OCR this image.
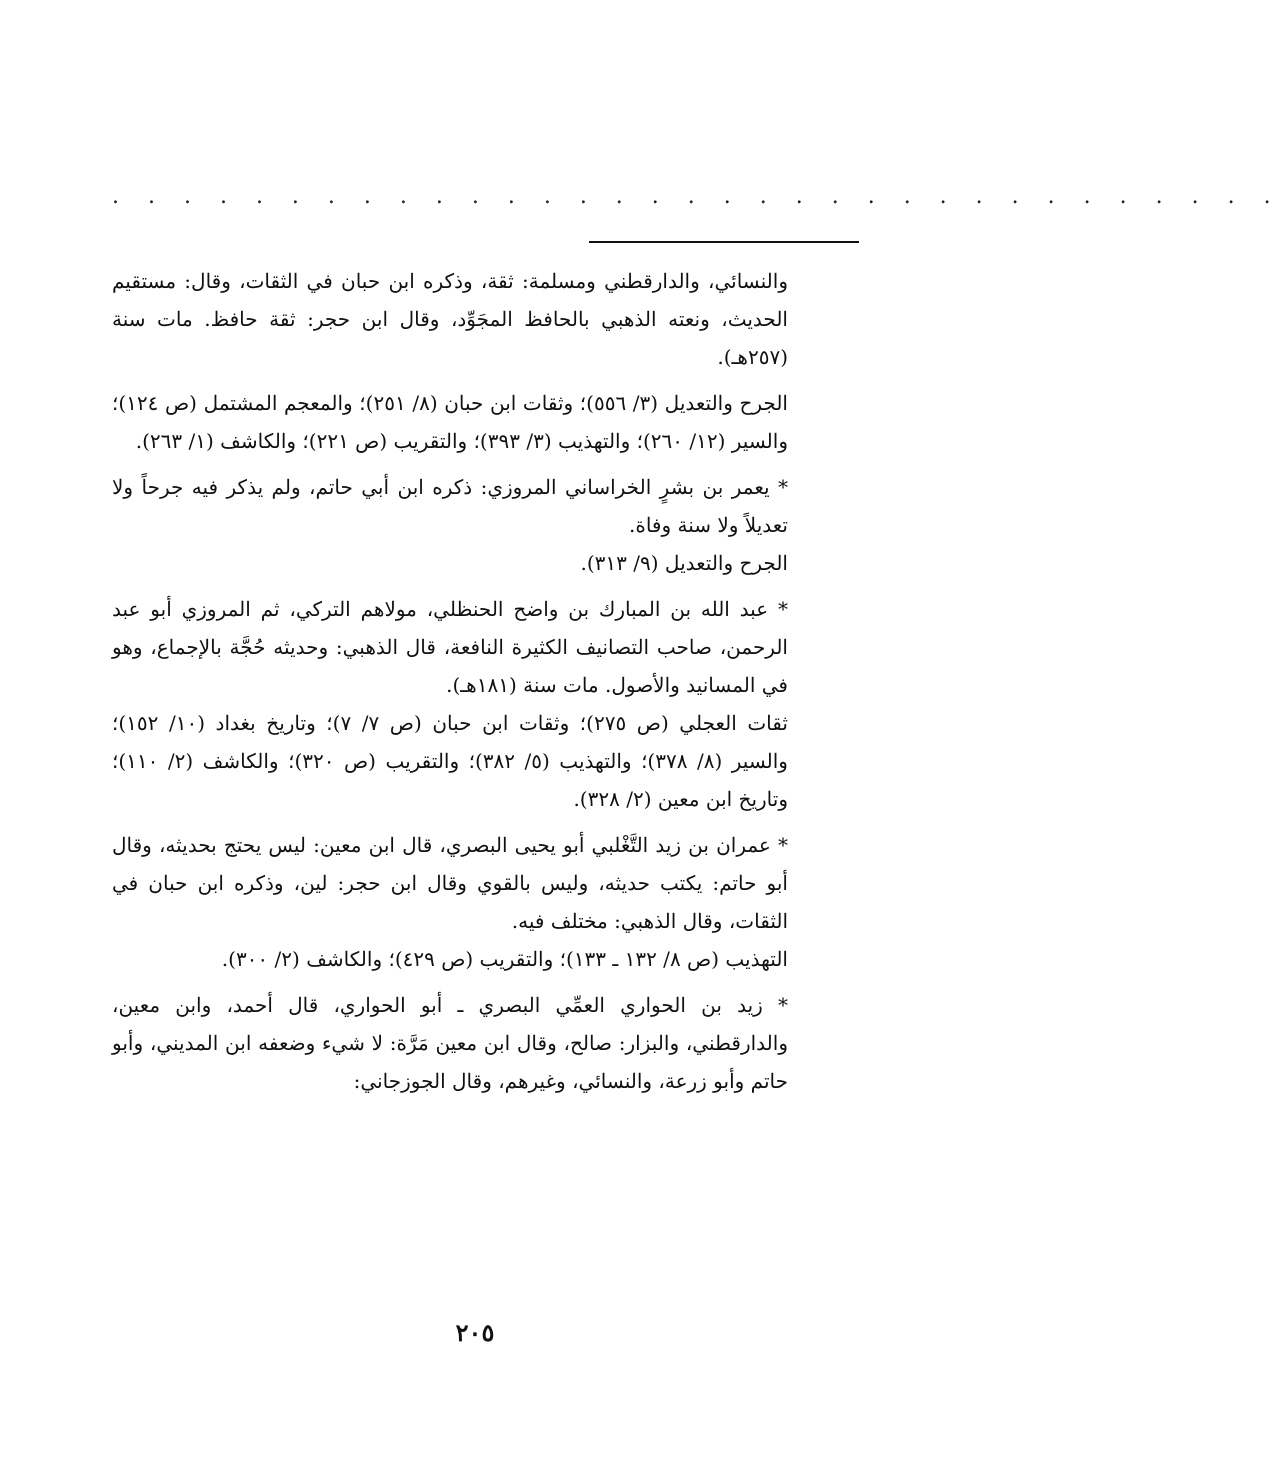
. . . . . . . . . . . . . . . . . . . . . . . . . . . . . . . . .

والنسائي، والدارقطني ومسلمة: ثقة، وذكره ابن حبان في الثقات، وقال: مستقيم الحديث، ونعته الذهبي بالحافظ المجَوِّد، وقال ابن حجر: ثقة حافظ. مات سنة (٢٥٧هـ).

الجرح والتعديل (٣/ ٥٥٦)؛ وثقات ابن حبان (٨/ ٢٥١)؛ والمعجم المشتمل (ص ١٢٤)؛ والسير (١٢/ ٢٦٠)؛ والتهذيب (٣/ ٣٩٣)؛ والتقريب (ص ٢٢١)؛ والكاشف (١/ ٢٦٣).

* يعمر بن بشرٍ الخراساني المروزي: ذكره ابن أبي حاتم، ولم يذكر فيه جرحاً ولا تعديلاً ولا سنة وفاة.

الجرح والتعديل (٩/ ٣١٣).

* عبد الله بن المبارك بن واضح الحنظلي، مولاهم التركي، ثم المروزي أبو عبد الرحمن، صاحب التصانيف الكثيرة النافعة، قال الذهبي: وحديثه حُجَّة بالإجماع، وهو في المسانيد والأصول. مات سنة (١٨١هـ).

ثقات العجلي (ص ٢٧٥)؛ وثقات ابن حبان (ص ٧/ ٧)؛ وتاريخ بغداد (١٠/ ١٥٢)؛ والسير (٨/ ٣٧٨)؛ والتهذيب (٥/ ٣٨٢)؛ والتقريب (ص ٣٢٠)؛ والكاشف (٢/ ١١٠)؛ وتاريخ ابن معين (٢/ ٣٢٨).

* عمران بن زيد التَّغْلبي أبو يحيى البصري، قال ابن معين: ليس يحتج بحديثه، وقال أبو حاتم: يكتب حديثه، وليس بالقوي وقال ابن حجر: لين، وذكره ابن حبان في الثقات، وقال الذهبي: مختلف فيه.

التهذيب (ص ٨/ ١٣٢ ـ ١٣٣)؛ والتقريب (ص ٤٢٩)؛ والكاشف (٢/ ٣٠٠).

* زيد بن الحواري العمِّي البصري ـ أبو الحواري، قال أحمد، وابن معين، والدارقطني، والبزار: صالح، وقال ابن معين مَرَّة: لا شيء وضعفه ابن المديني، وأبو حاتم وأبو زرعة، والنسائي، وغيرهم، وقال الجوزجاني:

٢٠٥
